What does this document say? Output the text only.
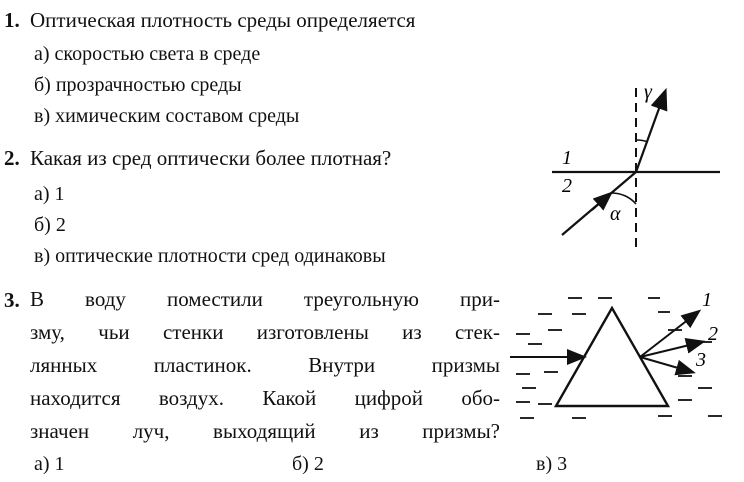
1. Оптическая плотность среды определяется
а) скоростью света в среде
б) прозрачностью среды
в) химическим составом среды
2. Какая из сред оптически более плотная?
а) 1
б) 2
в) оптические плотности сред одинаковы
1
2
α
γ
3. В воду поместили треугольную при-
зму, чьи стенки изготовлены из стек-
лянных пластинок. Внутри призмы
находится воздух. Какой цифрой обо-
значен луч, выходящий из призмы?
а) 1	б) 2	в) 3
1
2
3
